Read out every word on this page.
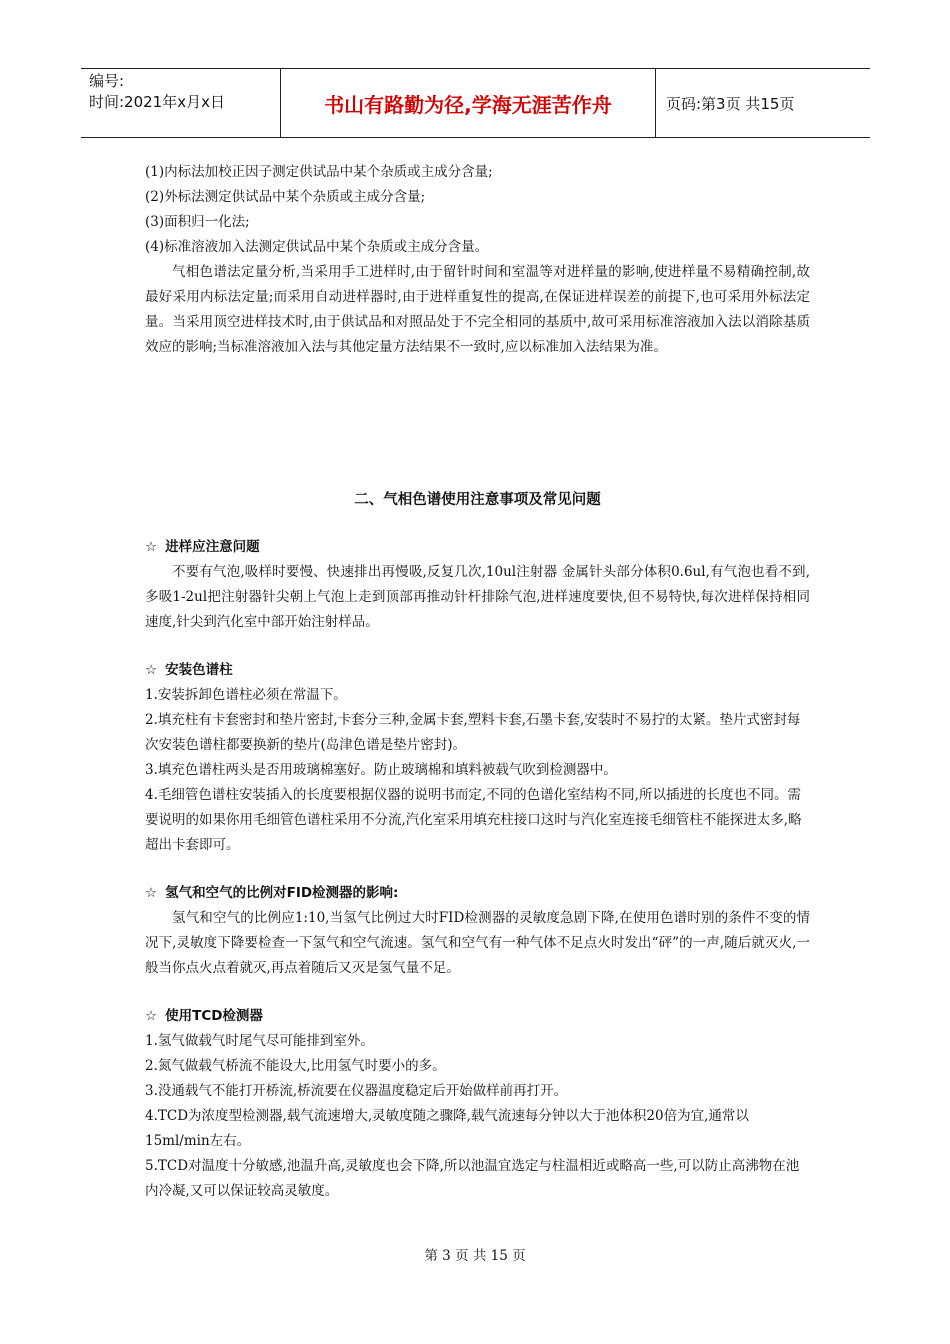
编号:
时间:2021年x月x日	书山有路勤为径,学海无涯苦作舟	页码:第3页 共15页

(1)内标法加校正因子测定供试品中某个杂质或主成分含量;

(2)外标法测定供试品中某个杂质或主成分含量;

(3)面积归一化法;

(4)标准溶液加入法测定供试品中某个杂质或主成分含量。

气相色谱法定量分析,当采用手工进样时,由于留针时间和室温等对进样量的影响,使进样量不易精确控制,故最好采用内标法定量;而采用自动进样器时,由于进样重复性的提高,在保证进样误差的前提下,也可采用外标法定量。当采用顶空进样技术时,由于供试品和对照品处于不完全相同的基质中,故可采用标准溶液加入法以消除基质效应的影响;当标准溶液加入法与其他定量方法结果不一致时,应以标准加入法结果为准。

二、气相色谱使用注意事项及常见问题

☆ 进样应注意问题

不要有气泡,吸样时要慢、快速排出再慢吸,反复几次,10ul注射器 金属针头部分体积0.6ul,有气泡也看不到,多吸1-2ul把注射器针尖朝上气泡上走到顶部再推动针杆排除气泡,进样速度要快,但不易特快,每次进样保持相同速度,针尖到汽化室中部开始注射样品。

☆ 安装色谱柱

1.安装拆卸色谱柱必须在常温下。

2.填充柱有卡套密封和垫片密封,卡套分三种,金属卡套,塑料卡套,石墨卡套,安装时不易拧的太紧。垫片式密封每次安装色谱柱都要换新的垫片(岛津色谱是垫片密封)。

3.填充色谱柱两头是否用玻璃棉塞好。防止玻璃棉和填料被载气吹到检测器中。

4.毛细管色谱柱安装插入的长度要根据仪器的说明书而定,不同的色谱化室结构不同,所以插进的长度也不同。需要说明的如果你用毛细管色谱柱采用不分流,汽化室采用填充柱接口这时与汽化室连接毛细管柱不能探进太多,略超出卡套即可。

☆ 氢气和空气的比例对FID检测器的影响:

氢气和空气的比例应1:10,当氢气比例过大时FID检测器的灵敏度急剧下降,在使用色谱时别的条件不变的情况下,灵敏度下降要检查一下氢气和空气流速。氢气和空气有一种气体不足点火时发出“砰”的一声,随后就灭火,一般当你点火点着就灭,再点着随后又灭是氢气量不足。

☆ 使用TCD检测器

1.氢气做载气时尾气尽可能排到室外。

2.氮气做载气桥流不能设大,比用氢气时要小的多。

3.没通载气不能打开桥流,桥流要在仪器温度稳定后开始做样前再打开。

4.TCD为浓度型检测器,载气流速增大,灵敏度随之骤降,载气流速每分钟以大于池体积20倍为宜,通常以15ml/min左右。

5.TCD对温度十分敏感,池温升高,灵敏度也会下降,所以池温宜选定与柱温相近或略高一些,可以防止高沸物在池内冷凝,又可以保证较高灵敏度。

第 3 页 共 15 页
